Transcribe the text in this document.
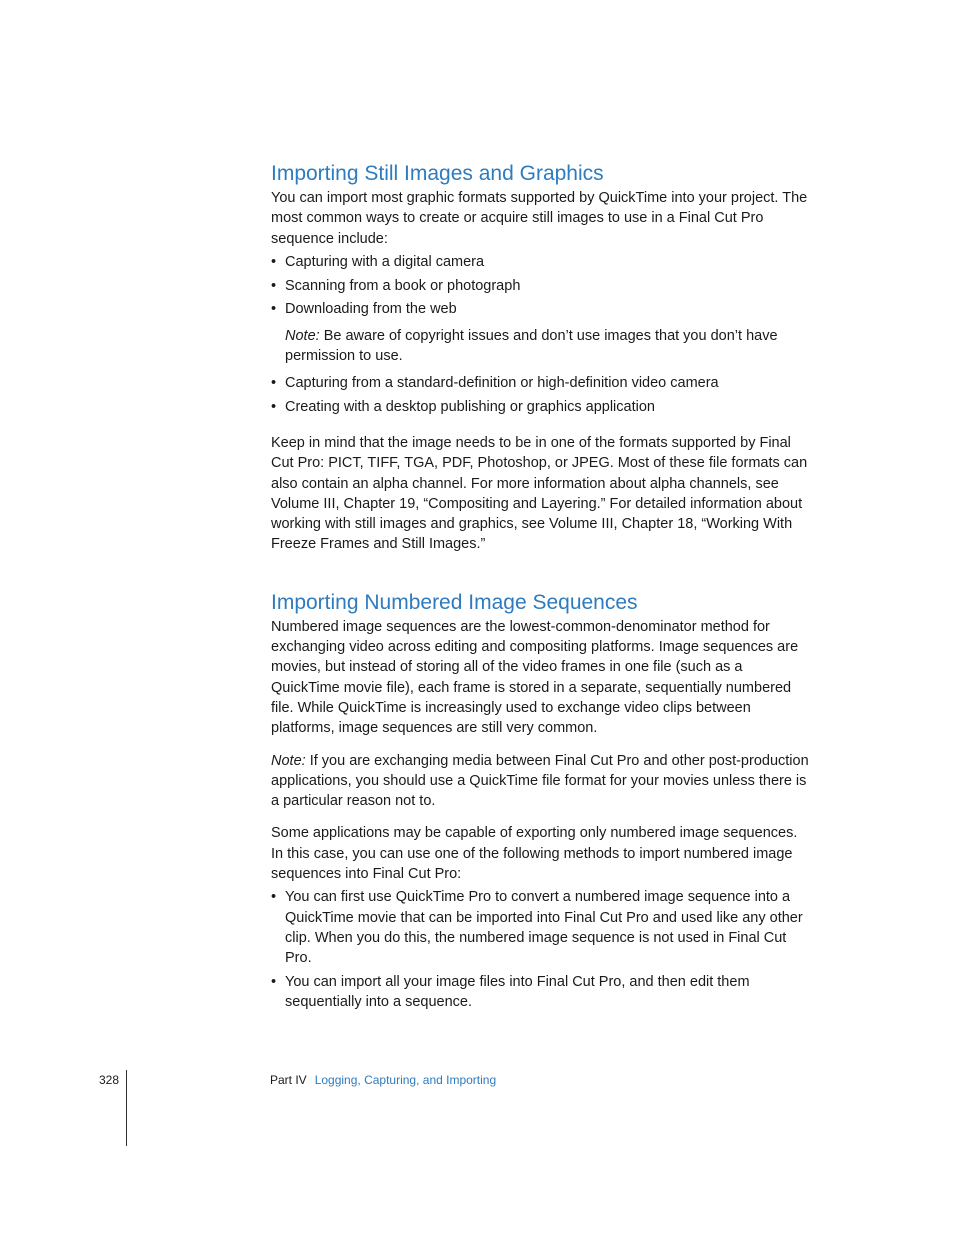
Importing Still Images and Graphics

You can import most graphic formats supported by QuickTime into your project. The most common ways to create or acquire still images to use in a Final Cut Pro sequence include:

• Capturing with a digital camera
• Scanning from a book or photograph
• Downloading from the web

Note: Be aware of copyright issues and don’t use images that you don’t have permission to use.

• Capturing from a standard-definition or high-definition video camera
• Creating with a desktop publishing or graphics application

Keep in mind that the image needs to be in one of the formats supported by Final Cut Pro: PICT, TIFF, TGA, PDF, Photoshop, or JPEG. Most of these file formats can also contain an alpha channel. For more information about alpha channels, see Volume III, Chapter 19, “Compositing and Layering.” For detailed information about working with still images and graphics, see Volume III, Chapter 18, “Working With Freeze Frames and Still Images.”

Importing Numbered Image Sequences

Numbered image sequences are the lowest-common-denominator method for exchanging video across editing and compositing platforms. Image sequences are movies, but instead of storing all of the video frames in one file (such as a QuickTime movie file), each frame is stored in a separate, sequentially numbered file. While QuickTime is increasingly used to exchange video clips between platforms, image sequences are still very common.

Note: If you are exchanging media between Final Cut Pro and other post-production applications, you should use a QuickTime file format for your movies unless there is a particular reason not to.

Some applications may be capable of exporting only numbered image sequences. In this case, you can use one of the following methods to import numbered image sequences into Final Cut Pro:

• You can first use QuickTime Pro to convert a numbered image sequence into a QuickTime movie that can be imported into Final Cut Pro and used like any other clip. When you do this, the numbered image sequence is not used in Final Cut Pro.
• You can import all your image files into Final Cut Pro, and then edit them sequentially into a sequence.
328	Part IV Logging, Capturing, and Importing
